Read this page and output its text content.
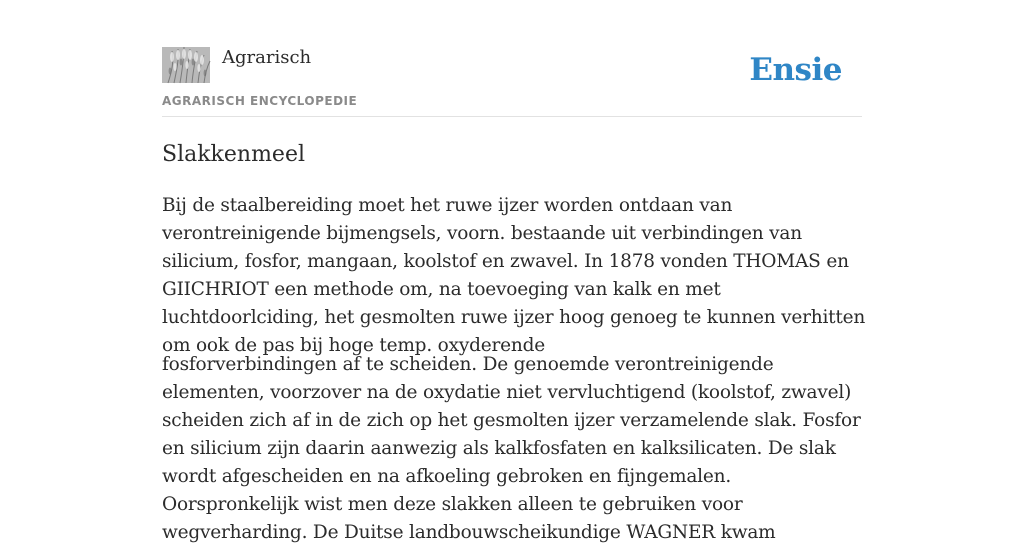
Agrarisch
AGRARISCH ENCYCLOPEDIE
Ensie
Slakkenmeel

Bij de staalbereiding moet het ruwe ijzer worden ontdaan van verontreinigende bijmengsels, voorn. bestaande uit verbindingen van silicium, fosfor, mangaan, koolstof en zwavel. In 1878 vonden THOMAS en GIICHRIOT een methode om, na toevoeging van kalk en met luchtdoorlciding, het gesmolten ruwe ijzer hoog genoeg te kunnen verhitten om ook de pas bij hoge temp. oxyderende

fosforverbindingen af te scheiden. De genoemde verontreinigende elementen, voorzover na de oxydatie niet vervluchtigend (koolstof, zwavel) scheiden zich af in de zich op het gesmolten ijzer verzamelende slak. Fosfor en silicium zijn daarin aanwezig als kalkfosfaten en kalksilicaten. De slak wordt afgescheiden en na afkoeling gebroken en fijngemalen. Oorspronkelijk wist men deze slakken alleen te gebruiken voor wegverharding. De Duitse landbouwscheikundige WAGNER kwam
